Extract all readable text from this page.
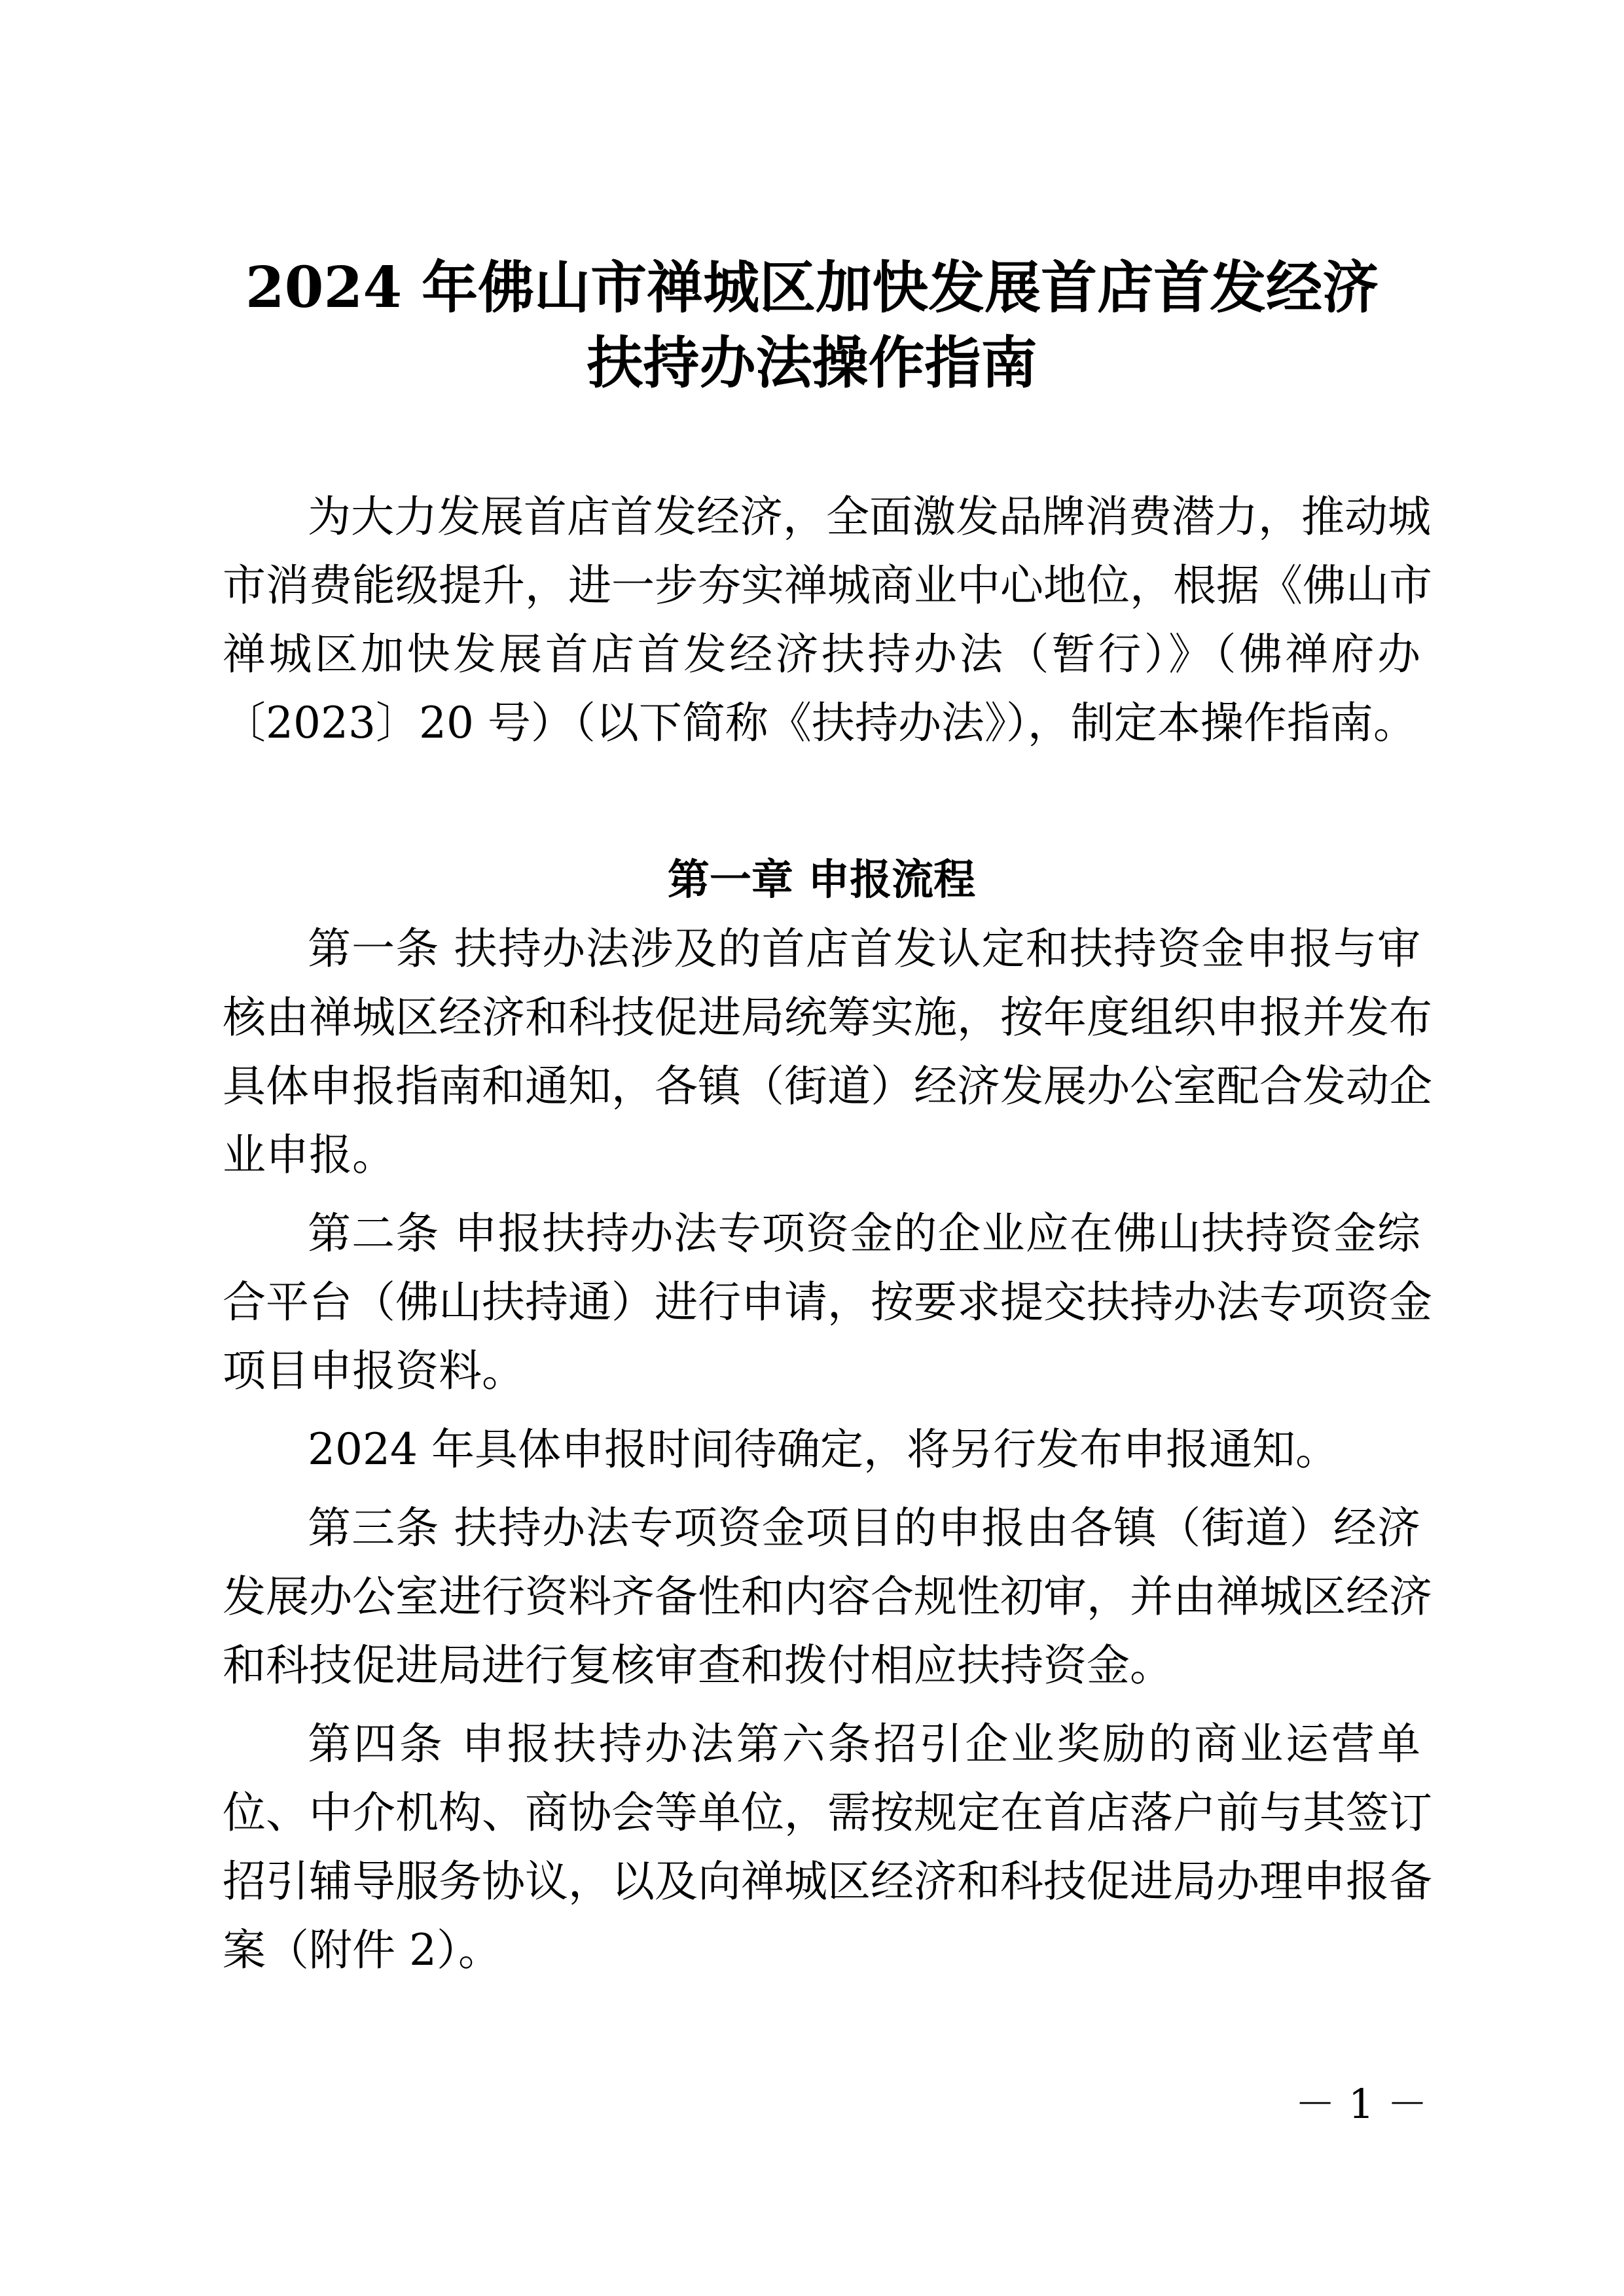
2024 年佛山市禅城区加快发展首店首发经济
扶持办法操作指南

为大力发展首店首发经济，全面激发品牌消费潜力，推动城

市消费能级提升，进一步夯实禅城商业中心地位，根据《佛山市

禅城区加快发展首店首发经济扶持办法（暂行）》（佛禅府办

〔2023〕20 号）（以下简称《扶持办法》），制定本操作指南。

第一章 申报流程

第一条 扶持办法涉及的首店首发认定和扶持资金申报与审

核由禅城区经济和科技促进局统筹实施，按年度组织申报并发布

具体申报指南和通知，各镇（街道）经济发展办公室配合发动企

业申报。

第二条 申报扶持办法专项资金的企业应在佛山扶持资金综

合平台（佛山扶持通）进行申请，按要求提交扶持办法专项资金

项目申报资料。

2024 年具体申报时间待确定，将另行发布申报通知。

第三条 扶持办法专项资金项目的申报由各镇（街道）经济

发展办公室进行资料齐备性和内容合规性初审，并由禅城区经济

和科技促进局进行复核审查和拨付相应扶持资金。

第四条 申报扶持办法第六条招引企业奖励的商业运营单

位、中介机构、商协会等单位，需按规定在首店落户前与其签订

招引辅导服务协议，以及向禅城区经济和科技促进局办理申报备

案（附件 2）。

－ 1 －
